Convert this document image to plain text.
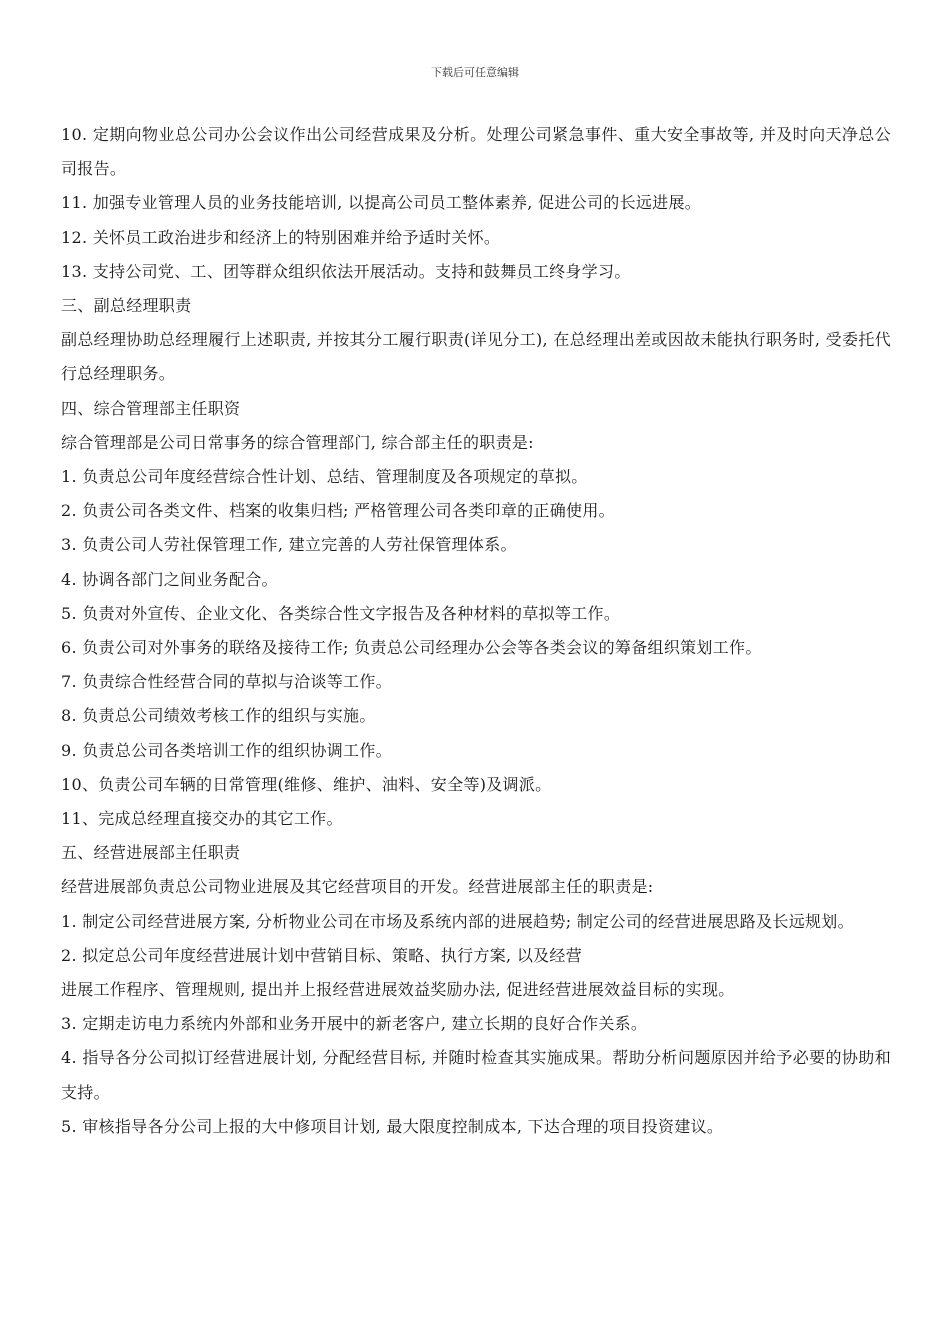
下载后可任意编辑
10. 定期向物业总公司办公会议作出公司经营成果及分析。处理公司紧急事件、重大安全事故等, 并及时向天净总公司报告。
11. 加强专业管理人员的业务技能培训, 以提高公司员工整体素养, 促进公司的长远进展。
12. 关怀员工政治进步和经济上的特别困难并给予适时关怀。
13. 支持公司党、工、团等群众组织依法开展活动。支持和鼓舞员工终身学习。
三、副总经理职责
副总经理协助总经理履行上述职责, 并按其分工履行职责(详见分工), 在总经理出差或因故未能执行职务时, 受委托代行总经理职务。
四、综合管理部主任职资
综合管理部是公司日常事务的综合管理部门, 综合部主任的职责是:
1. 负责总公司年度经营综合性计划、总结、管理制度及各项规定的草拟。
2. 负责公司各类文件、档案的收集归档; 严格管理公司各类印章的正确使用。
3. 负责公司人劳社保管理工作, 建立完善的人劳社保管理体系。
4. 协调各部门之间业务配合。
5. 负责对外宣传、企业文化、各类综合性文字报告及各种材料的草拟等工作。
6. 负责公司对外事务的联络及接待工作; 负责总公司经理办公会等各类会议的筹备组织策划工作。
7. 负责综合性经营合同的草拟与洽谈等工作。
8. 负责总公司绩效考核工作的组织与实施。
9. 负责总公司各类培训工作的组织协调工作。
10、负责公司车辆的日常管理(维修、维护、油料、安全等)及调派。
11、完成总经理直接交办的其它工作。
五、经营进展部主任职责
经营进展部负责总公司物业进展及其它经营项目的开发。经营进展部主任的职责是:
1. 制定公司经营进展方案, 分析物业公司在市场及系统内部的进展趋势; 制定公司的经营进展思路及长远规划。
2. 拟定总公司年度经营进展计划中营销目标、策略、执行方案, 以及经营
进展工作程序、管理规则, 提出并上报经营进展效益奖励办法, 促进经营进展效益目标的实现。
3. 定期走访电力系统内外部和业务开展中的新老客户, 建立长期的良好合作关系。
4. 指导各分公司拟订经营进展计划, 分配经营目标, 并随时检查其实施成果。帮助分析问题原因并给予必要的协助和支持。
5. 审核指导各分公司上报的大中修项目计划, 最大限度控制成本, 下达合理的项目投资建议。
